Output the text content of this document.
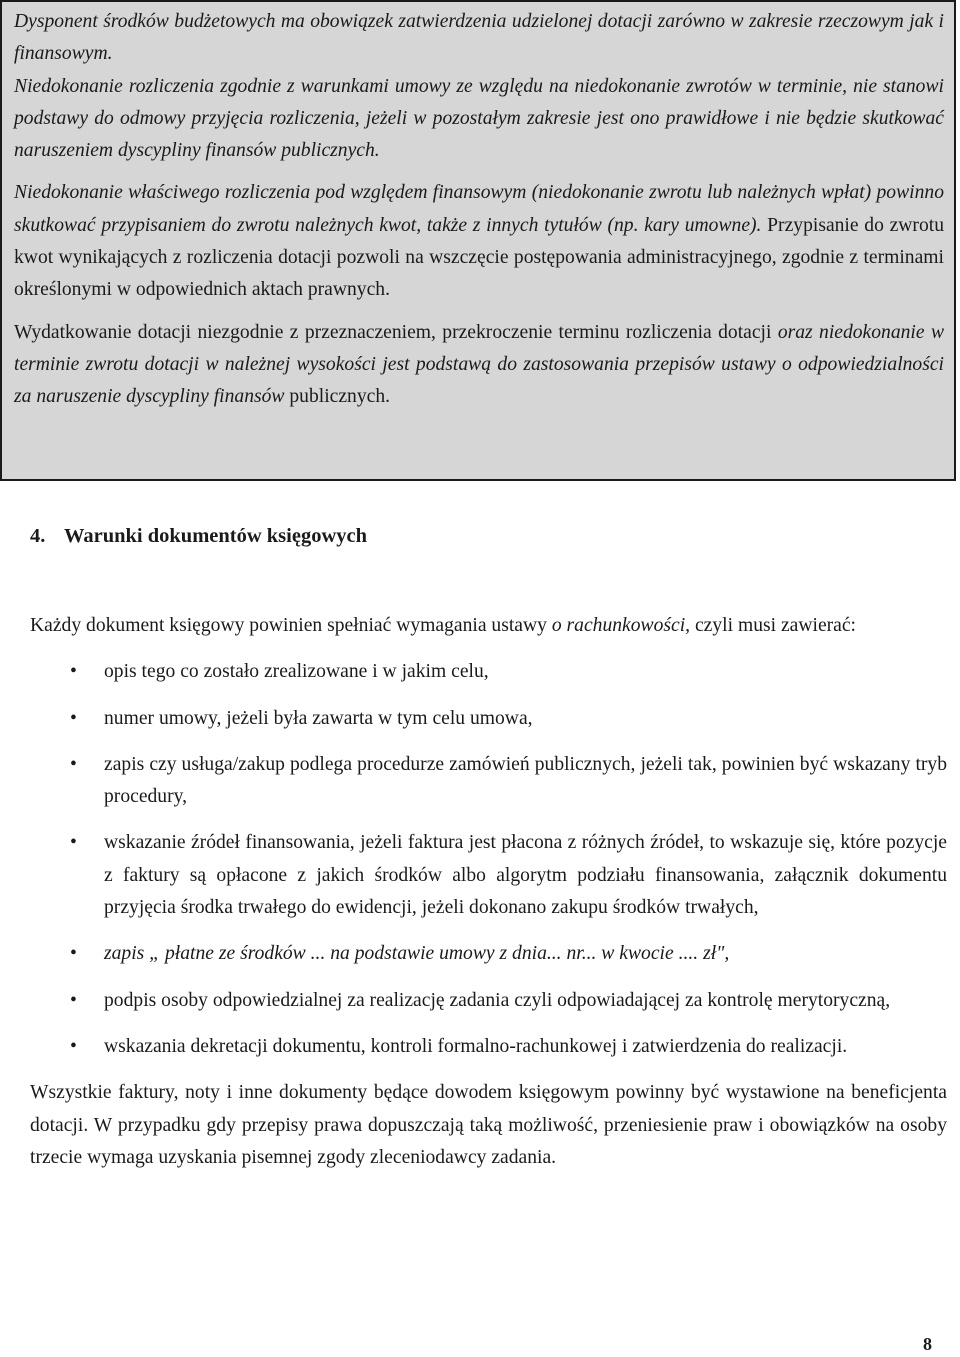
Dysponent środków budżetowych ma obowiązek zatwierdzenia udzielonej dotacji zarówno w zakresie rzeczowym jak i finansowym.

Niedokonanie rozliczenia zgodnie z warunkami umowy ze względu na niedokonanie zwrotów w terminie, nie stanowi podstawy do odmowy przyjęcia rozliczenia, jeżeli w pozostałym zakresie jest ono prawidłowe i nie będzie skutkować naruszeniem dyscypliny finansów publicznych.

Niedokonanie właściwego rozliczenia pod względem finansowym (niedokonanie zwrotu lub należnych wpłat) powinno skutkować przypisaniem do zwrotu należnych kwot, także z innych tytułów (np. kary umowne). Przypisanie do zwrotu kwot wynikających z rozliczenia dotacji pozwoli na wszczęcie postępowania administracyjnego, zgodnie z terminami określonymi w odpowiednich aktach prawnych.

Wydatkowanie dotacji niezgodnie z przeznaczeniem, przekroczenie terminu rozliczenia dotacji oraz niedokonanie w terminie zwrotu dotacji w należnej wysokości jest podstawą do zastosowania przepisów ustawy o odpowiedzialności za naruszenie dyscypliny finansów publicznych.

4. Warunki dokumentów księgowych

Każdy dokument księgowy powinien spełniać wymagania ustawy o rachunkowości, czyli musi zawierać:

• opis tego co zostało zrealizowane i w jakim celu,
• numer umowy, jeżeli była zawarta w tym celu umowa,
• zapis czy usługa/zakup podlega procedurze zamówień publicznych, jeżeli tak, powinien być wskazany tryb procedury,
• wskazanie źródeł finansowania, jeżeli faktura jest płacona z różnych źródeł, to wskazuje się, które pozycje z faktury są opłacone z jakich środków albo algorytm podziału finansowania, załącznik dokumentu przyjęcia środka trwałego do ewidencji, jeżeli dokonano zakupu środków trwałych,
• zapis „ płatne ze środków ... na podstawie umowy z dnia... nr... w kwocie .... zł",
• podpis osoby odpowiedzialnej za realizację zadania czyli odpowiadającej za kontrolę merytoryczną,
• wskazania dekretacji dokumentu, kontroli formalno-rachunkowej i zatwierdzenia do realizacji.

Wszystkie faktury, noty i inne dokumenty będące dowodem księgowym powinny być wystawione na beneficjenta dotacji. W przypadku gdy przepisy prawa dopuszczają taką możliwość, przeniesienie praw i obowiązków na osoby trzecie wymaga uzyskania pisemnej zgody zleceniodawcy zadania.

8
